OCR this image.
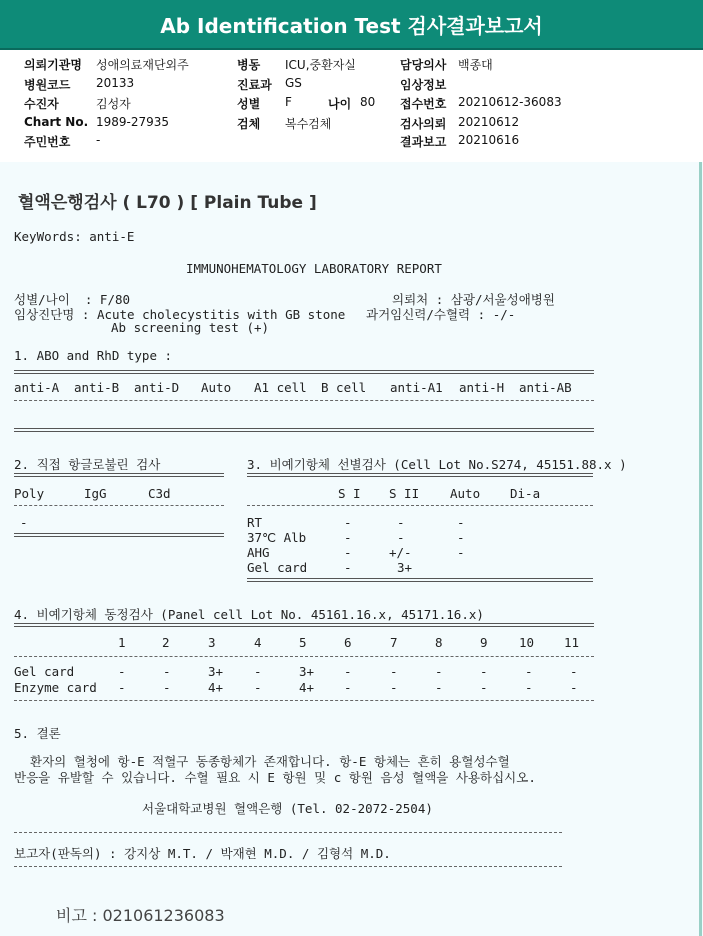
Ab Identification Test 검사결과보고서
의뢰기관명 성애의료재단외주
병원코드 20133
수진자	김성자
Chart No. 1989-27935
주민번호 -
병동 ICU,중환자실
진료과 GS
성별 F	나이 80
검체 복수검체
담당의사 백종대
임상정보
접수번호 20210612-36083
검사의뢰 20210612
결과보고 20210616
혈액은행검사 ( L70 ) [ Plain Tube ]
KeyWords: anti-E
IMMUNOHEMATOLOGY LABORATORY REPORT
성별/나이  : F/80	의뢰처 : 삼광/서울성애병원
임상진단명 : Acute cholecystitis with GB stone 과거임신력/수혈력 : -/-
Ab screening test (+)
1. ABO and RhD type :
anti-A anti-B anti-D Auto A1 cell B cell anti-A1 anti-H anti-AB
2. 직접 항글로불린 검사
Poly	IgG	C3d
-
3. 비예기항체 선별검사 (Cell Lot No.S274, 45151.88.x )
S I S II Auto Di-a
RT	-	-	-
37℃ Alb	-	-	-
AHG	-	+/-	-
Gel card	-	3+
4. 비예기항체 동정검사 (Panel cell Lot No. 45161.16.x, 45171.16.x)
1	2	3	4	5	6	7	8	9	10 11
Gel card	-	-	3+ -	3+ -	-	-	-	-	-
Enzyme card -	-	4+ -	4+ -	-	-	-	-	-
5. 결론
환자의 혈청에 항-E 적혈구 동종항체가 존재합니다. 항-E 항체는 흔히 용혈성수혈
반응을 유발할 수 있습니다. 수혈 필요 시 E 항원 및 c 항원 음성 혈액을 사용하십시오.
서울대학교병원 혈액은행 (Tel. 02-2072-2504)
보고자(판독의) : 강지상 M.T. / 박재현 M.D. / 김형석 M.D.
비고 : 021061236083
